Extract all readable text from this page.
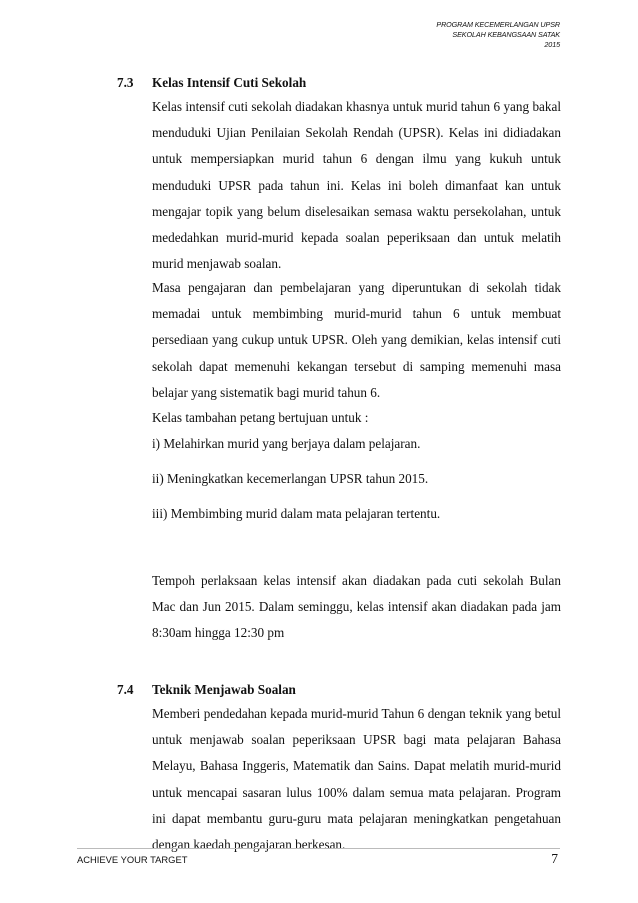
PROGRAM KECEMERLANGAN UPSR
SEKOLAH KEBANGSAAN SATAK
2015
7.3 Kelas Intensif Cuti Sekolah

Kelas intensif cuti sekolah diadakan khasnya untuk murid tahun 6 yang bakal menduduki Ujian Penilaian Sekolah Rendah (UPSR). Kelas ini didiadakan untuk mempersiapkan murid tahun 6 dengan ilmu yang kukuh untuk menduduki UPSR pada tahun ini. Kelas ini boleh dimanfaat kan untuk mengajar topik yang belum diselesaikan semasa waktu persekolahan, untuk mededahkan murid-murid kepada soalan peperiksaan dan untuk melatih murid menjawab soalan.

Masa pengajaran dan pembelajaran yang diperuntukan di sekolah tidak memadai untuk membimbing murid-murid tahun 6 untuk membuat persediaan yang cukup untuk UPSR. Oleh yang demikian, kelas intensif cuti sekolah dapat memenuhi kekangan tersebut di samping memenuhi masa belajar yang sistematik bagi murid tahun 6.

Kelas tambahan petang bertujuan untuk :
i) Melahirkan murid yang berjaya dalam pelajaran.
ii) Meningkatkan kecemerlangan UPSR tahun 2015.
iii) Membimbing murid dalam mata pelajaran tertentu.

Tempoh perlaksaan kelas intensif akan diadakan pada cuti sekolah Bulan Mac dan Jun 2015. Dalam seminggu, kelas intensif akan diadakan pada jam 8:30am hingga 12:30 pm

7.4 Teknik Menjawab Soalan

Memberi pendedahan kepada murid-murid Tahun 6 dengan teknik yang betul untuk menjawab soalan peperiksaan UPSR bagi mata pelajaran Bahasa Melayu, Bahasa Inggeris, Matematik dan Sains. Dapat melatih murid-murid untuk mencapai sasaran lulus 100% dalam semua mata pelajaran. Program ini dapat membantu guru-guru mata pelajaran meningkatkan pengetahuan dengan kaedah pengajaran berkesan.

ACHIEVE YOUR TARGET	7
